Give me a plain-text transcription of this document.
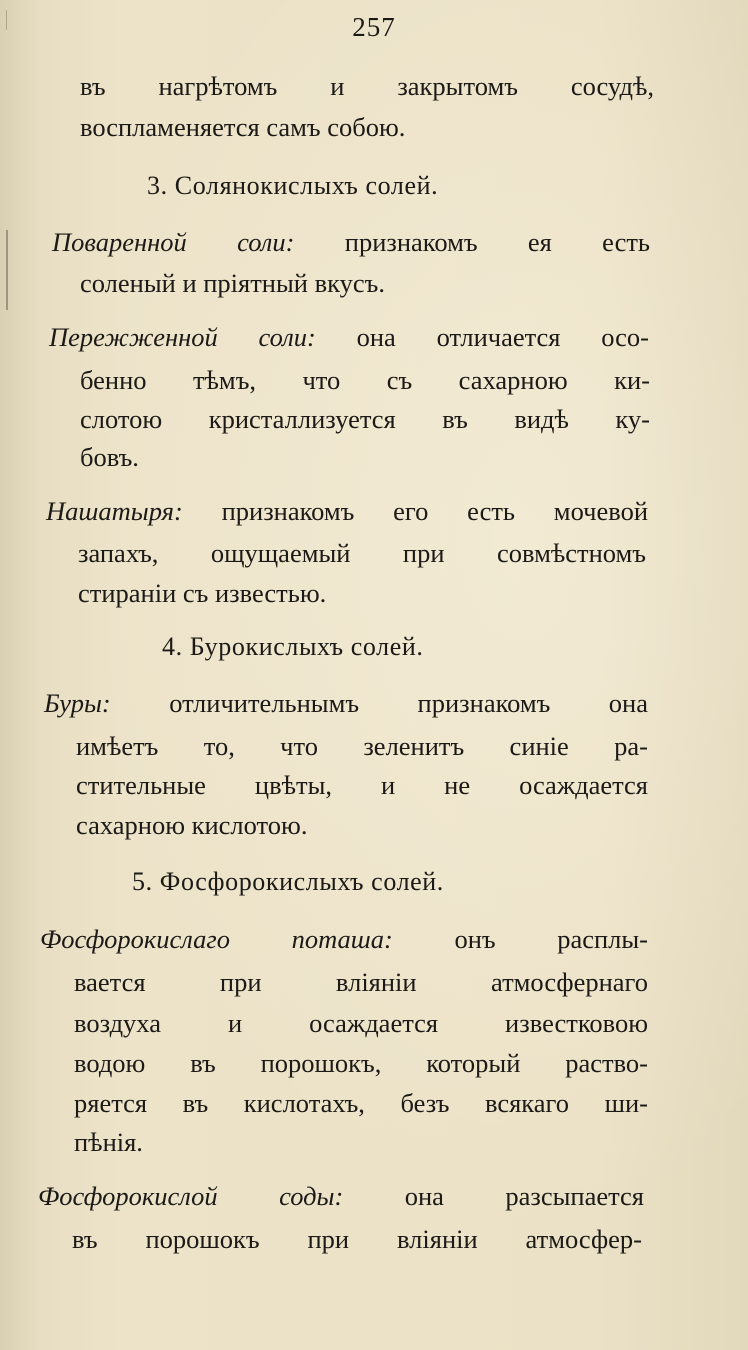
257
въ нагрѣтомъ и закрытомъ сосудѣ,
воспламеняется самъ собою.
3. Солянокислыхъ солей.
Поваренной соли: признакомъ ея есть
соленый и пріятный вкусъ.
Пережженной соли: она отличается осо-
бенно тѣмъ, что съ сахарною ки-
слотою кристаллизуется въ видѣ ку-
бовъ.
Нашатыря: признакомъ его есть мочевой
запахъ, ощущаемый при совмѣстномъ
стираніи съ известью.
4. Бурокислыхъ солей.
Буры: отличительнымъ признакомъ она
имѣетъ то, что зеленитъ синіе ра-
стительные цвѣты, и не осаждается
сахарною кислотою.
5. Фосфорокислыхъ солей.
Фосфорокислаго поташа: онъ расплы-
вается при вліяніи атмосфернаго
воздуха и осаждается известковою
водою въ порошокъ, который раство-
ряется въ кислотахъ, безъ всякаго ши-
пѣнія.
Фосфорокислой соды: она разсыпается
въ порошокъ при вліяніи атмосфер-
